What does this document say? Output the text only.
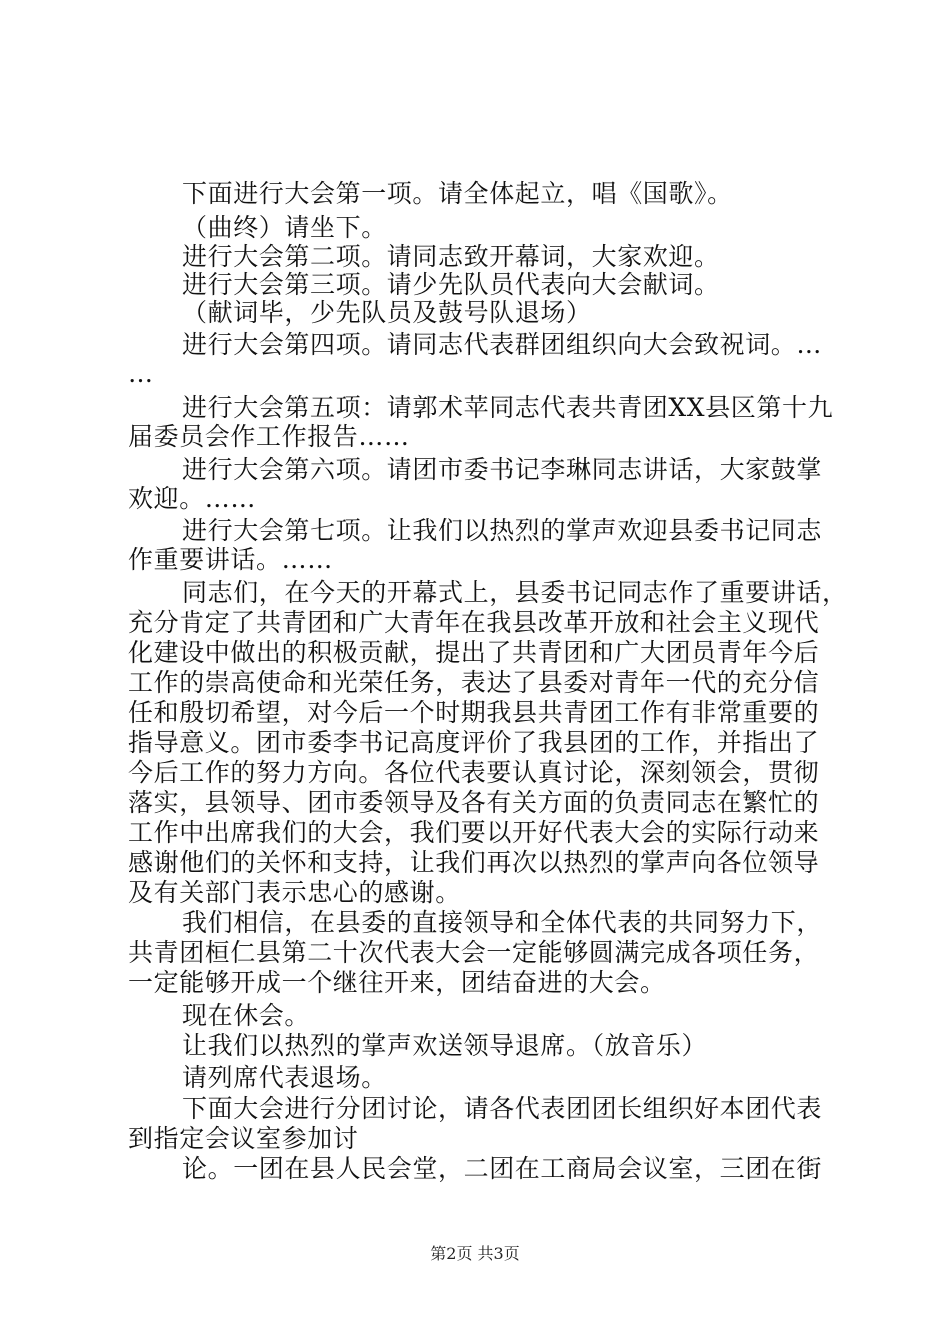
下面进行大会第一项。请全体起立，唱《国歌》。
（曲终）请坐下。
进行大会第二项。请同志致开幕词，大家欢迎。
进行大会第三项。请少先队员代表向大会献词。
（献词毕，少先队员及鼓号队退场）
进行大会第四项。请同志代表群团组织向大会致祝词。…
…
进行大会第五项：请郭术苹同志代表共青团XX县区第十九
届委员会作工作报告……
进行大会第六项。请团市委书记李琳同志讲话，大家鼓掌
欢迎。……
进行大会第七项。让我们以热烈的掌声欢迎县委书记同志
作重要讲话。……
同志们，在今天的开幕式上，县委书记同志作了重要讲话，
充分肯定了共青团和广大青年在我县改革开放和社会主义现代
化建设中做出的积极贡献，提出了共青团和广大团员青年今后
工作的崇高使命和光荣任务，表达了县委对青年一代的充分信
任和殷切希望，对今后一个时期我县共青团工作有非常重要的
指导意义。团市委李书记高度评价了我县团的工作，并指出了
今后工作的努力方向。各位代表要认真讨论，深刻领会，贯彻
落实，县领导、团市委领导及各有关方面的负责同志在繁忙的
工作中出席我们的大会，我们要以开好代表大会的实际行动来
感谢他们的关怀和支持，让我们再次以热烈的掌声向各位领导
及有关部门表示忠心的感谢。
我们相信，在县委的直接领导和全体代表的共同努力下，
共青团桓仁县第二十次代表大会一定能够圆满完成各项任务，
一定能够开成一个继往开来，团结奋进的大会。
现在休会。
让我们以热烈的掌声欢送领导退席。（放音乐）
请列席代表退场。
下面大会进行分团讨论，请各代表团团长组织好本团代表
到指定会议室参加讨
论。一团在县人民会堂，二团在工商局会议室，三团在街
第2页 共3页
